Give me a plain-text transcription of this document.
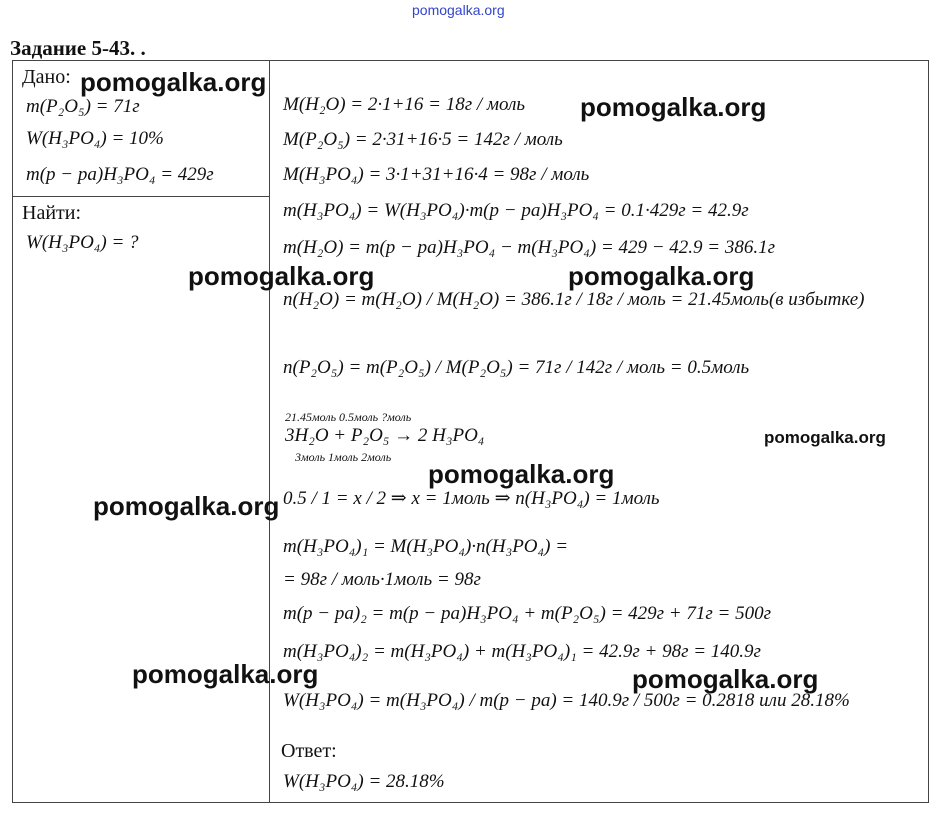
pomogalka.org
Задание 5-43. .
Дано:
m(P₂O₅) = 71г
W(H₃PO₄) = 10%
m(p − pa)H₃PO₄ = 429г
Найти:
W(H₃PO₄) = ?
M(H₂O) = 2·1+16 = 18г / моль
M(P₂O₅) = 2·31+16·5 = 142г / моль
M(H₃PO₄) = 3·1+31+16·4 = 98г / моль
m(H₃PO₄) = W(H₃PO₄)·m(p − pa)H₃PO₄ = 0.1·429г = 42.9г
m(H₂O) = m(p − pa)H₃PO₄ − m(H₃PO₄) = 429 − 42.9 = 386.1г
n(H₂O) = m(H₂O) / M(H₂O) = 386.1г / 18г / моль = 21.45моль(в избытке)
n(P₂O₅) = m(P₂O₅) / M(P₂O₅) = 71г / 142г / моль = 0.5моль
21.45моль 0.5моль ?моль
3H₂O + P₂O₅ → 2 H₃PO₄
3моль 1моль 2моль
0.5 / 1 = x / 2 ⇒ x = 1моль ⇒ n(H₃PO₄) = 1моль
m(H₃PO₄)₁ = M(H₃PO₄)·n(H₃PO₄) =
= 98г / моль·1моль = 98г
m(p − pa)₂ = m(p − pa)H₃PO₄ + m(P₂O₅) = 429г + 71г = 500г
m(H₃PO₄)₂ = m(H₃PO₄) + m(H₃PO₄)₁ = 42.9г + 98г = 140.9г
W(H₃PO₄) = m(H₃PO₄) / m(p − pa) = 140.9г / 500г = 0.2818 или 28.18%
Ответ:
W(H₃PO₄) = 28.18%
pomogalka.org
pomogalka.org
pomogalka.org	pomogalka.org
pomogalka.org
pomogalka.org
pomogalka.org
pomogalka.org	pomogalka.org
